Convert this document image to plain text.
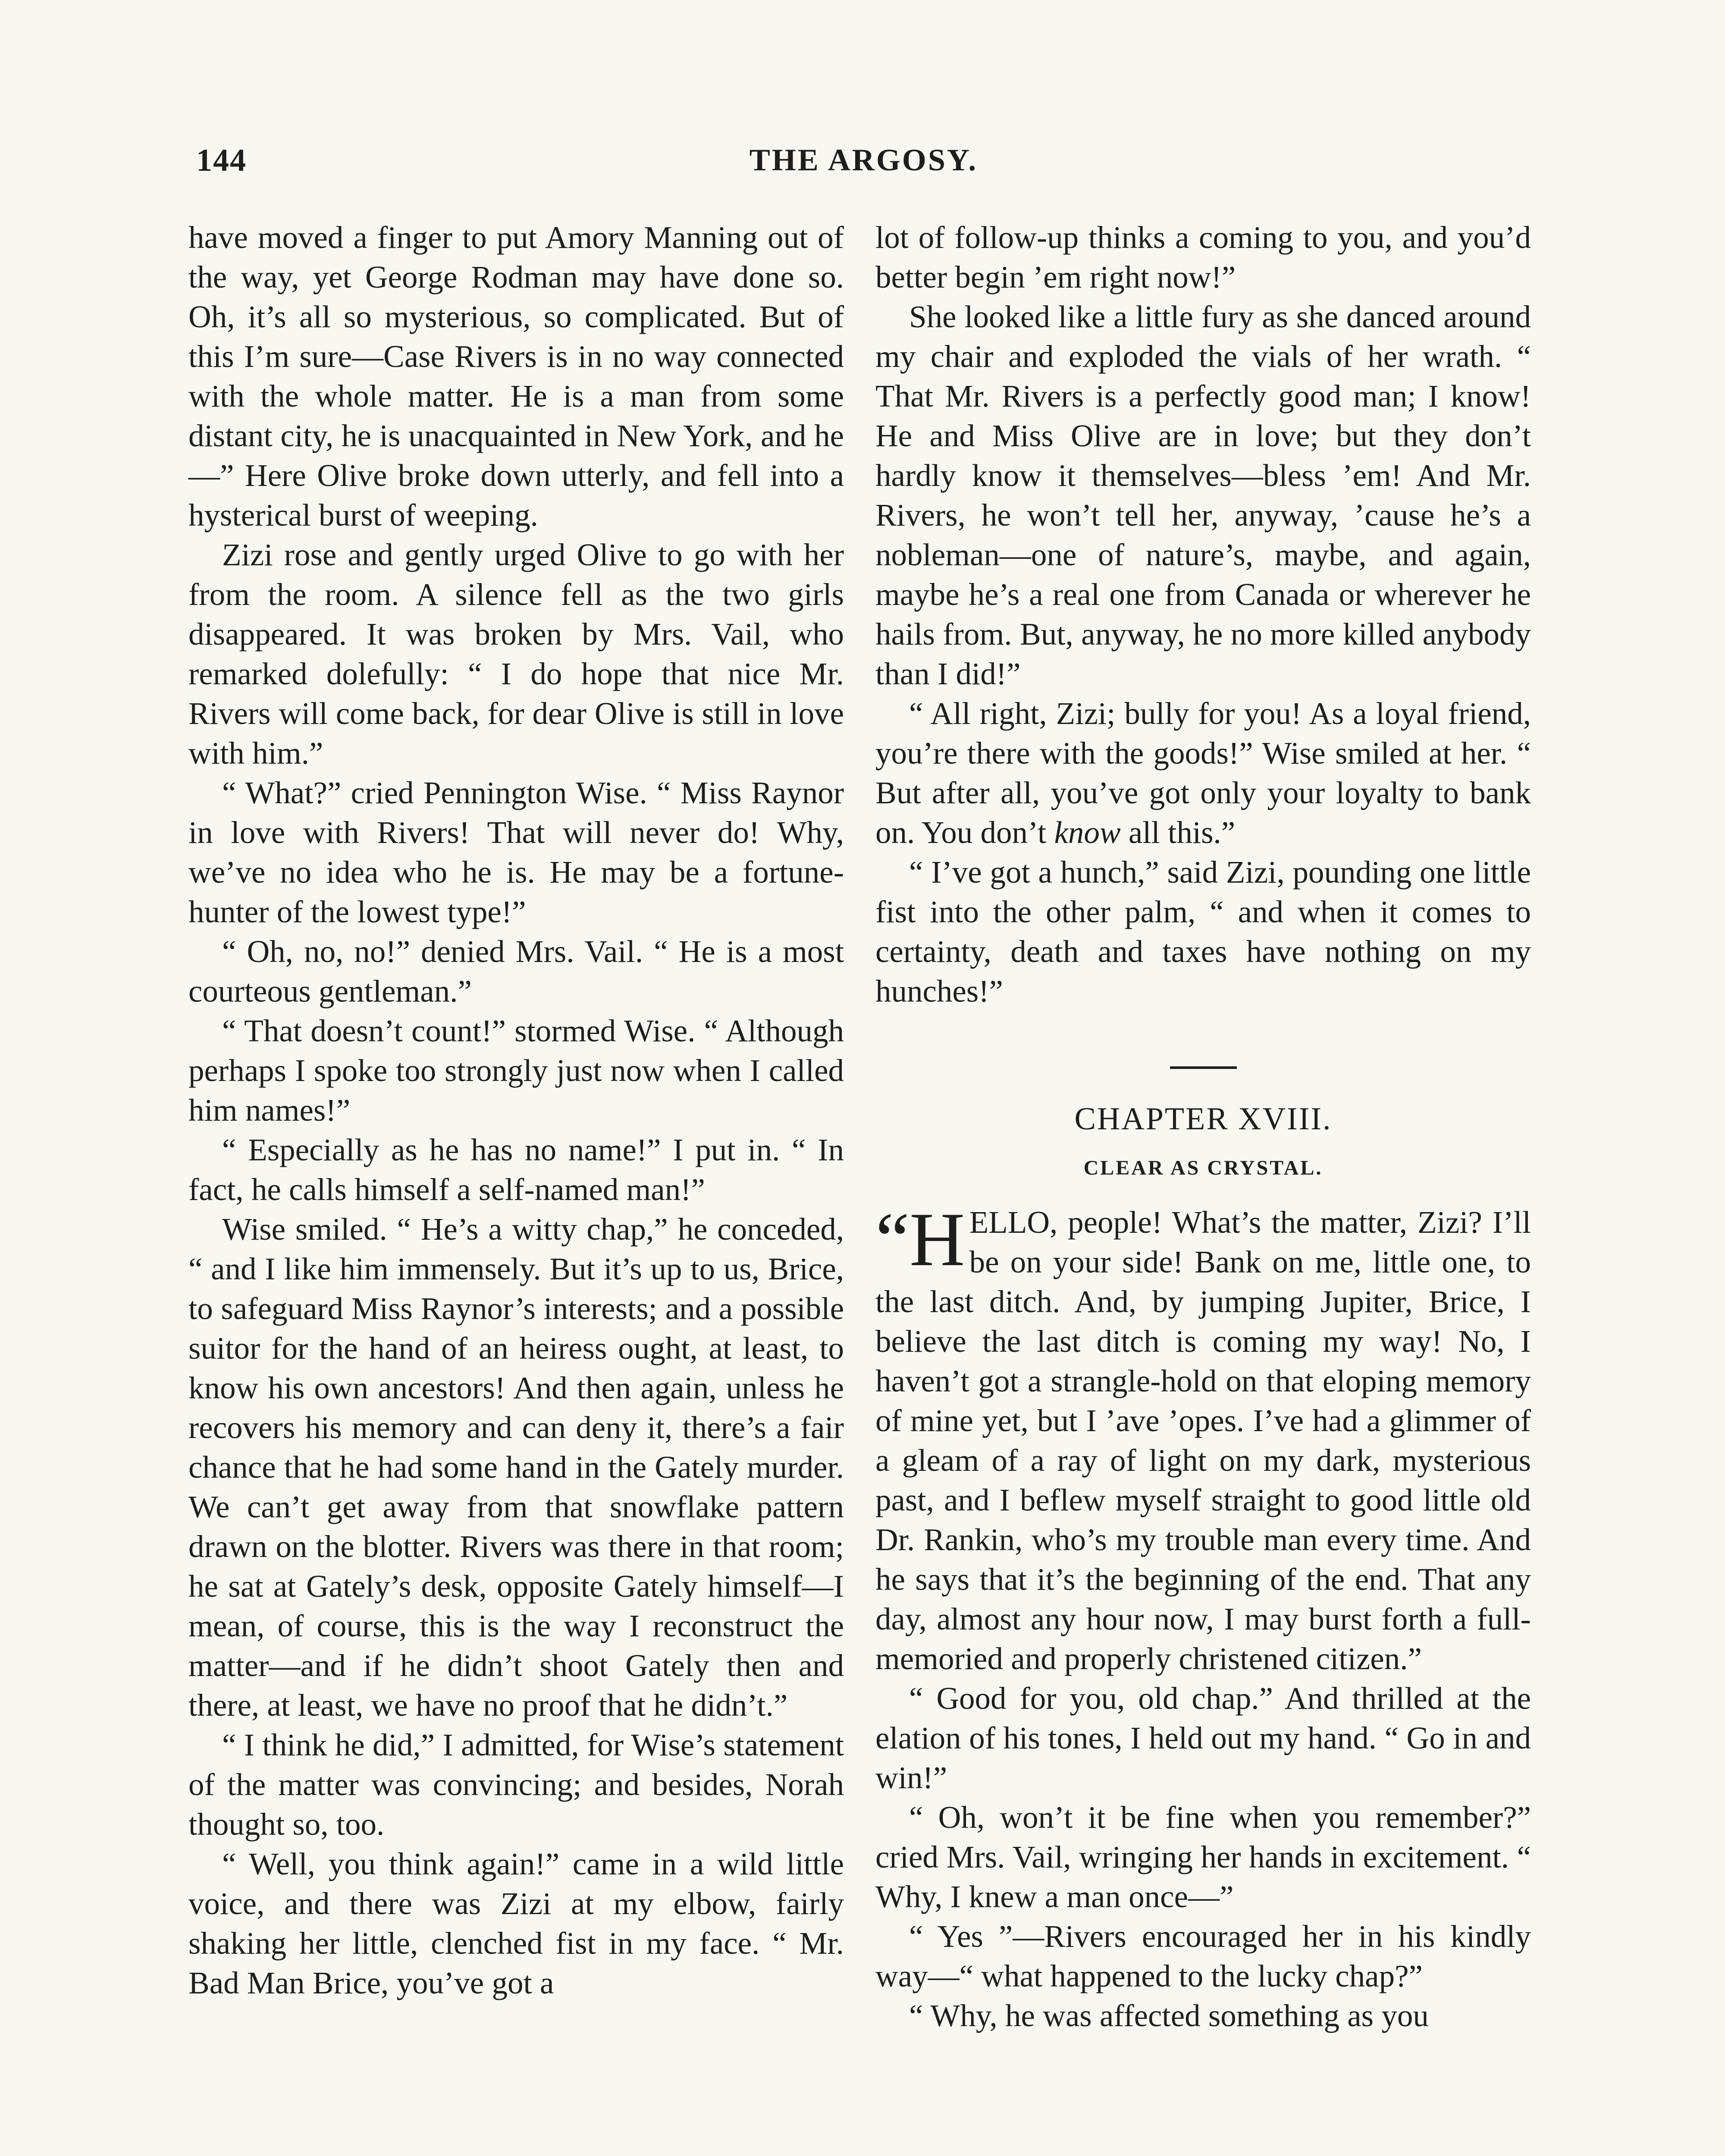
144	THE ARGOSY.

have moved a finger to put Amory Manning out of the way, yet George Rodman may have done so. Oh, it’s all so mysterious, so complicated. But of this I’m sure—Case Rivers is in no way connected with the whole matter. He is a man from some distant city, he is unacquainted in New York, and he—” Here Olive broke down utterly, and fell into a hysterical burst of weeping.

Zizi rose and gently urged Olive to go with her from the room. A silence fell as the two girls disappeared. It was broken by Mrs. Vail, who remarked dolefully: “ I do hope that nice Mr. Rivers will come back, for dear Olive is still in love with him.”

“ What?” cried Pennington Wise. “ Miss Raynor in love with Rivers! That will never do! Why, we’ve no idea who he is. He may be a fortune-hunter of the lowest type!”

“ Oh, no, no!” denied Mrs. Vail. “ He is a most courteous gentleman.”

“ That doesn’t count!” stormed Wise. “ Although perhaps I spoke too strongly just now when I called him names!”

“ Especially as he has no name!” I put in. “ In fact, he calls himself a self-named man!”

Wise smiled. “ He’s a witty chap,” he conceded, “ and I like him immensely. But it’s up to us, Brice, to safeguard Miss Raynor’s interests; and a possible suitor for the hand of an heiress ought, at least, to know his own ancestors! And then again, unless he recovers his memory and can deny it, there’s a fair chance that he had some hand in the Gately murder. We can’t get away from that snowflake pattern drawn on the blotter. Rivers was there in that room; he sat at Gately’s desk, opposite Gately himself—I mean, of course, this is the way I reconstruct the matter—and if he didn’t shoot Gately then and there, at least, we have no proof that he didn’t.”

“ I think he did,” I admitted, for Wise’s statement of the matter was convincing; and besides, Norah thought so, too.

“ Well, you think again!” came in a wild little voice, and there was Zizi at my elbow, fairly shaking her little, clenched fist in my face. “ Mr. Bad Man Brice, you’ve got a

lot of follow-up thinks a coming to you, and you’d better begin ’em right now!”

She looked like a little fury as she danced around my chair and exploded the vials of her wrath. “ That Mr. Rivers is a perfectly good man; I know! He and Miss Olive are in love; but they don’t hardly know it themselves—bless ’em! And Mr. Rivers, he won’t tell her, anyway, ’cause he’s a nobleman—one of nature’s, maybe, and again, maybe he’s a real one from Canada or wherever he hails from. But, anyway, he no more killed anybody than I did!”

“ All right, Zizi; bully for you! As a loyal friend, you’re there with the goods!” Wise smiled at her. “ But after all, you’ve got only your loyalty to bank on. You don’t know all this.”

“ I’ve got a hunch,” said Zizi, pounding one little fist into the other palm, “ and when it comes to certainty, death and taxes have nothing on my hunches!”

CHAPTER XVIII.
CLEAR AS CRYSTAL.

“H ELLO, people! What’s the matter, Zizi? I’ll be on your side! Bank on me, little one, to the last ditch. And, by jumping Jupiter, Brice, I believe the last ditch is coming my way! No, I haven’t got a strangle-hold on that eloping memory of mine yet, but I ’ave ’opes. I’ve had a glimmer of a gleam of a ray of light on my dark, mysterious past, and I beflew myself straight to good little old Dr. Rankin, who’s my trouble man every time. And he says that it’s the beginning of the end. That any day, almost any hour now, I may burst forth a full-memoried and properly christened citizen.”

“ Good for you, old chap.” And thrilled at the elation of his tones, I held out my hand. “ Go in and win!”

“ Oh, won’t it be fine when you remember?” cried Mrs. Vail, wringing her hands in excitement. “ Why, I knew a man once—”

“ Yes ”—Rivers encouraged her in his kindly way—“ what happened to the lucky chap?”

“ Why, he was affected something as you
